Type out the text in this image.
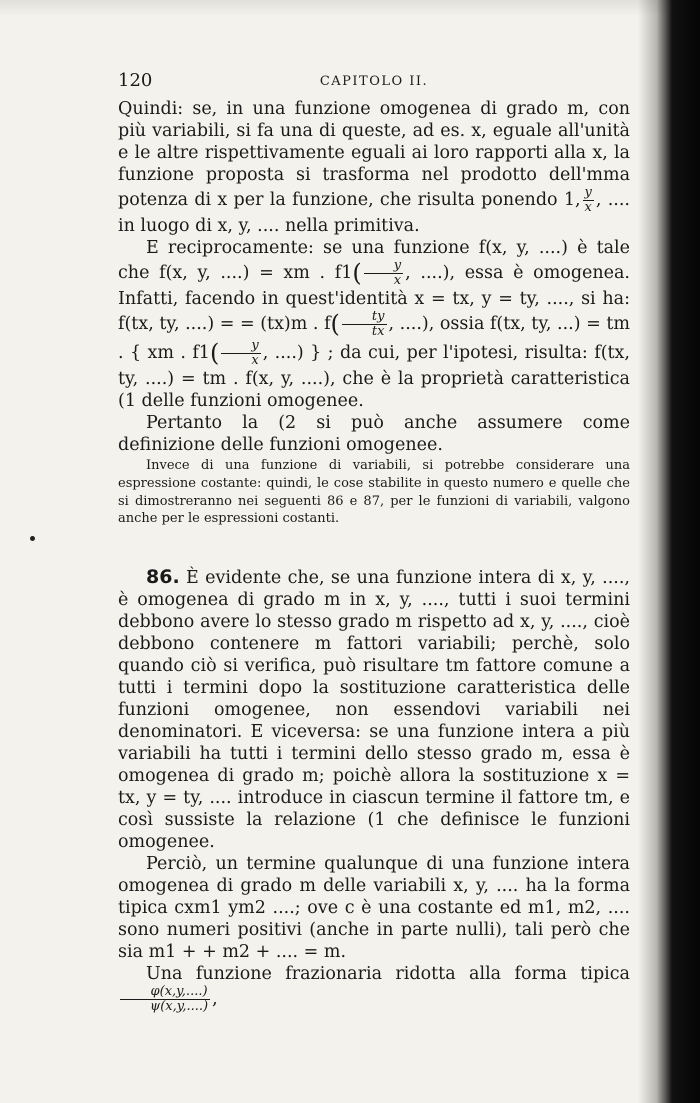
120	CAPITOLO II.

Quindi: se, in una funzione omogenea di grado m, con più variabili, si fa una di queste, ad es. x, eguale all'unità e le altre rispettivamente eguali ai loro rapporti alla x, la funzione proposta si trasforma nel prodotto dell'mma potenza di x per la funzione, che risulta ponendo 1, $\frac{y}{x}$ , .... in luogo di x, y, .... nella primitiva.

E reciprocamente: se una funzione f(x, y, ....) è tale che f(x, y, ....) = xm . $f1( \frac{y}{x}$ , ....), essa è omogenea. Infatti, facendo in quest'identità x = tx, y = ty, ...., si ha: f(tx, ty, ....) = = (tx)m . $f( \frac{ty}{tx}$ , ....), ossia f(tx, ty, ...) = tm . { xm . $f1( \frac{y}{x}$ , ....) } ; da cui, per l'ipotesi, risulta: f(tx, ty, ....) = tm . f(x, y, ....), che è la proprietà caratteristica (1 delle funzioni omogenee.

Pertanto la (2 si può anche assumere come definizione delle funzioni omogenee.

Invece di una funzione di variabili, si potrebbe considerare una espressione costante: quindi, le cose stabilite in questo numero e quelle che si dimostreranno nei seguenti 86 e 87, per le funzioni di variabili, valgono anche per le espressioni costanti.

86. È evidente che, se una funzione intera di x, y, ...., è omogenea di grado m in x, y, ...., tutti i suoi termini debbono avere lo stesso grado m rispetto ad x, y, ...., cioè debbono contenere m fattori variabili; perchè, solo quando ciò si verifica, può risultare tm fattore comune a tutti i termini dopo la sostituzione caratteristica delle funzioni omogenee, non essendovi variabili nei denominatori. E viceversa: se una funzione intera a più variabili ha tutti i termini dello stesso grado m, essa è omogenea di grado m; poichè allora la sostituzione x = tx, y = ty, .... introduce in ciascun termine il fattore tm, e così sussiste la relazione (1 che definisce le funzioni omogenee.

Perciò, un termine qualunque di una funzione intera omogenea di grado m delle variabili x, y, .... ha la forma tipica cxm1 ym2 ....; ove c è una costante ed m1, m2, .... sono numeri positivi (anche in parte nulli), tali però che sia m1 + + m2 + .... = m.

Una funzione frazionaria ridotta alla forma tipica
$\frac{\varphi(x,y,....)}{\psi(x,y,....)}$ ,
